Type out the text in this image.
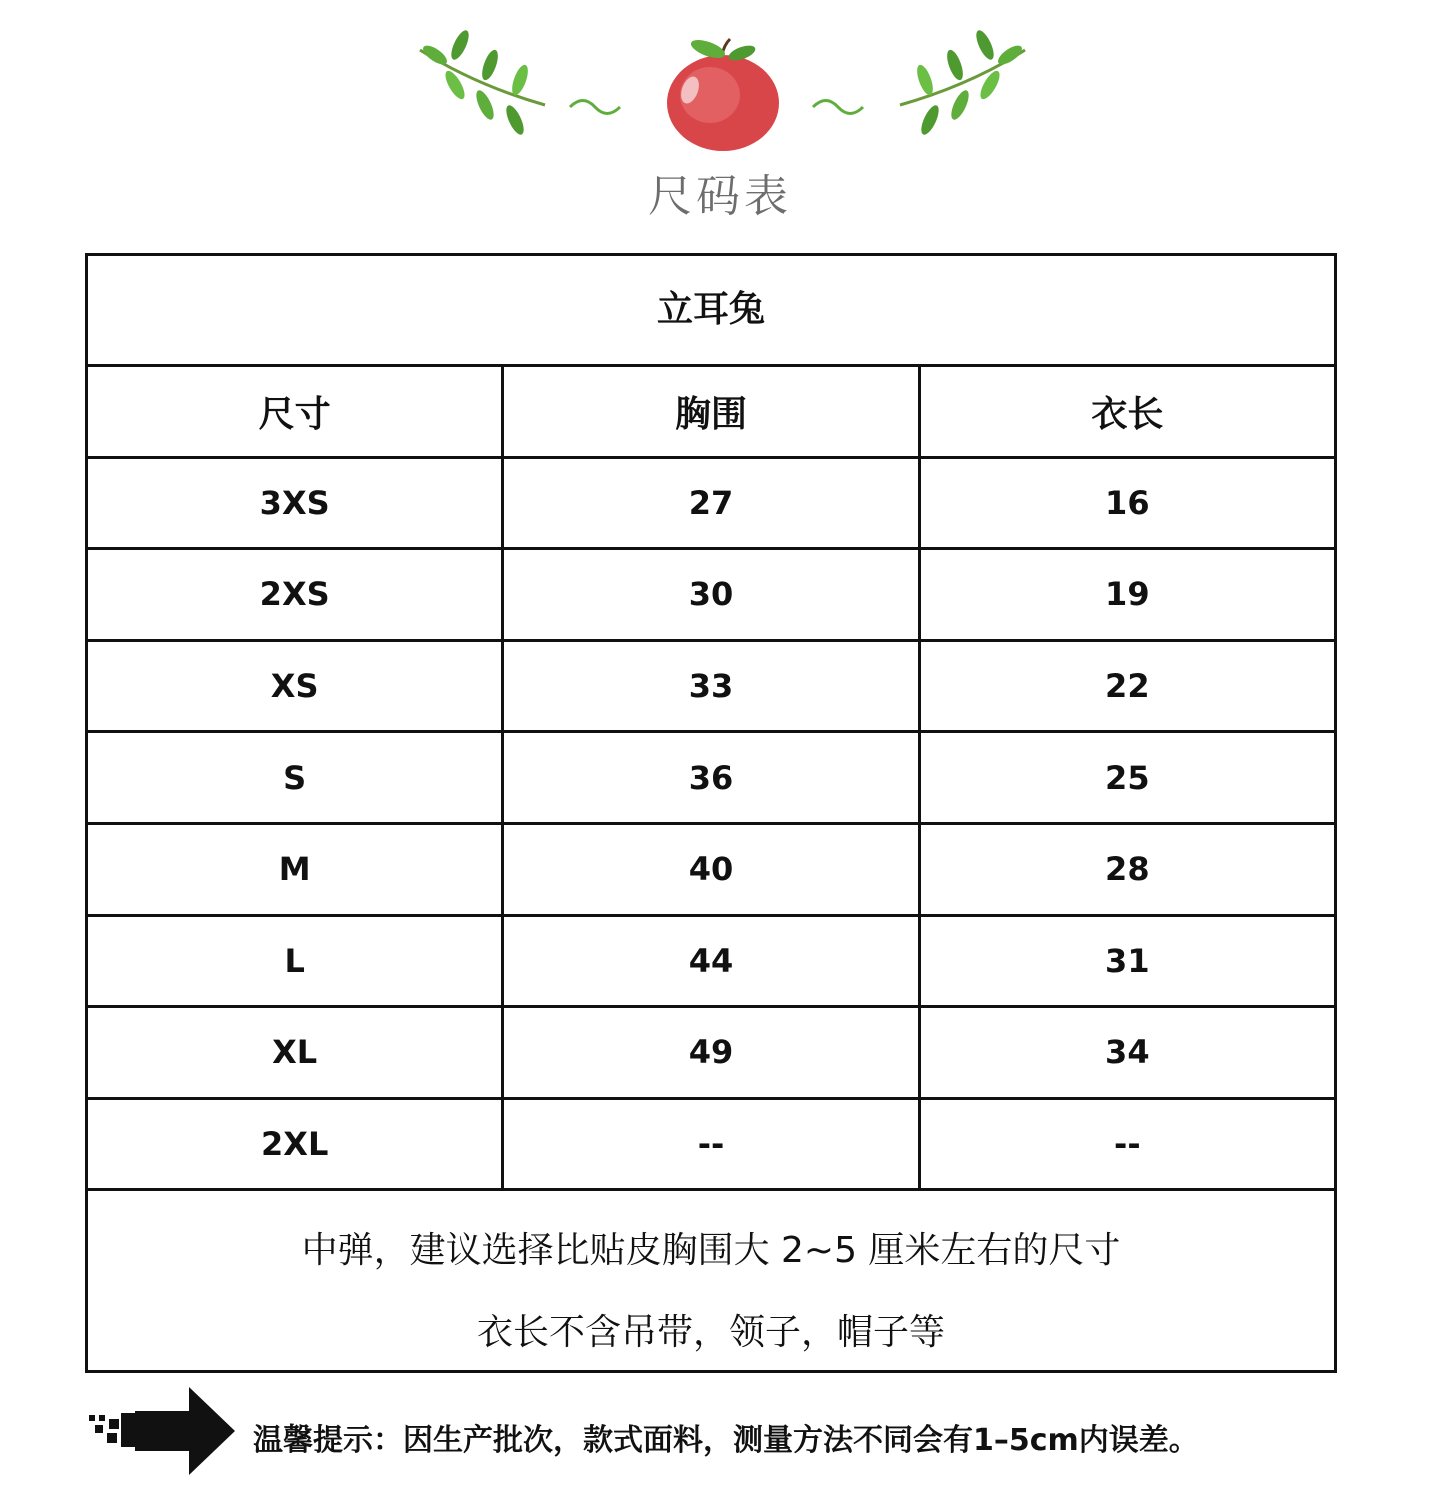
尺码表
立耳兔
尺寸	胸围	衣长
3XS	27	16
2XS	30	19
XS	33	22
S	36	25
M	40	28
L	44	31
XL	49	34
2XL	--	--
中弹，建议选择比贴皮胸围大 2~5 厘米左右的尺寸
衣长不含吊带，领子，帽子等
温馨提示：因生产批次，款式面料，测量方法不同会有1–5cm内误差。
